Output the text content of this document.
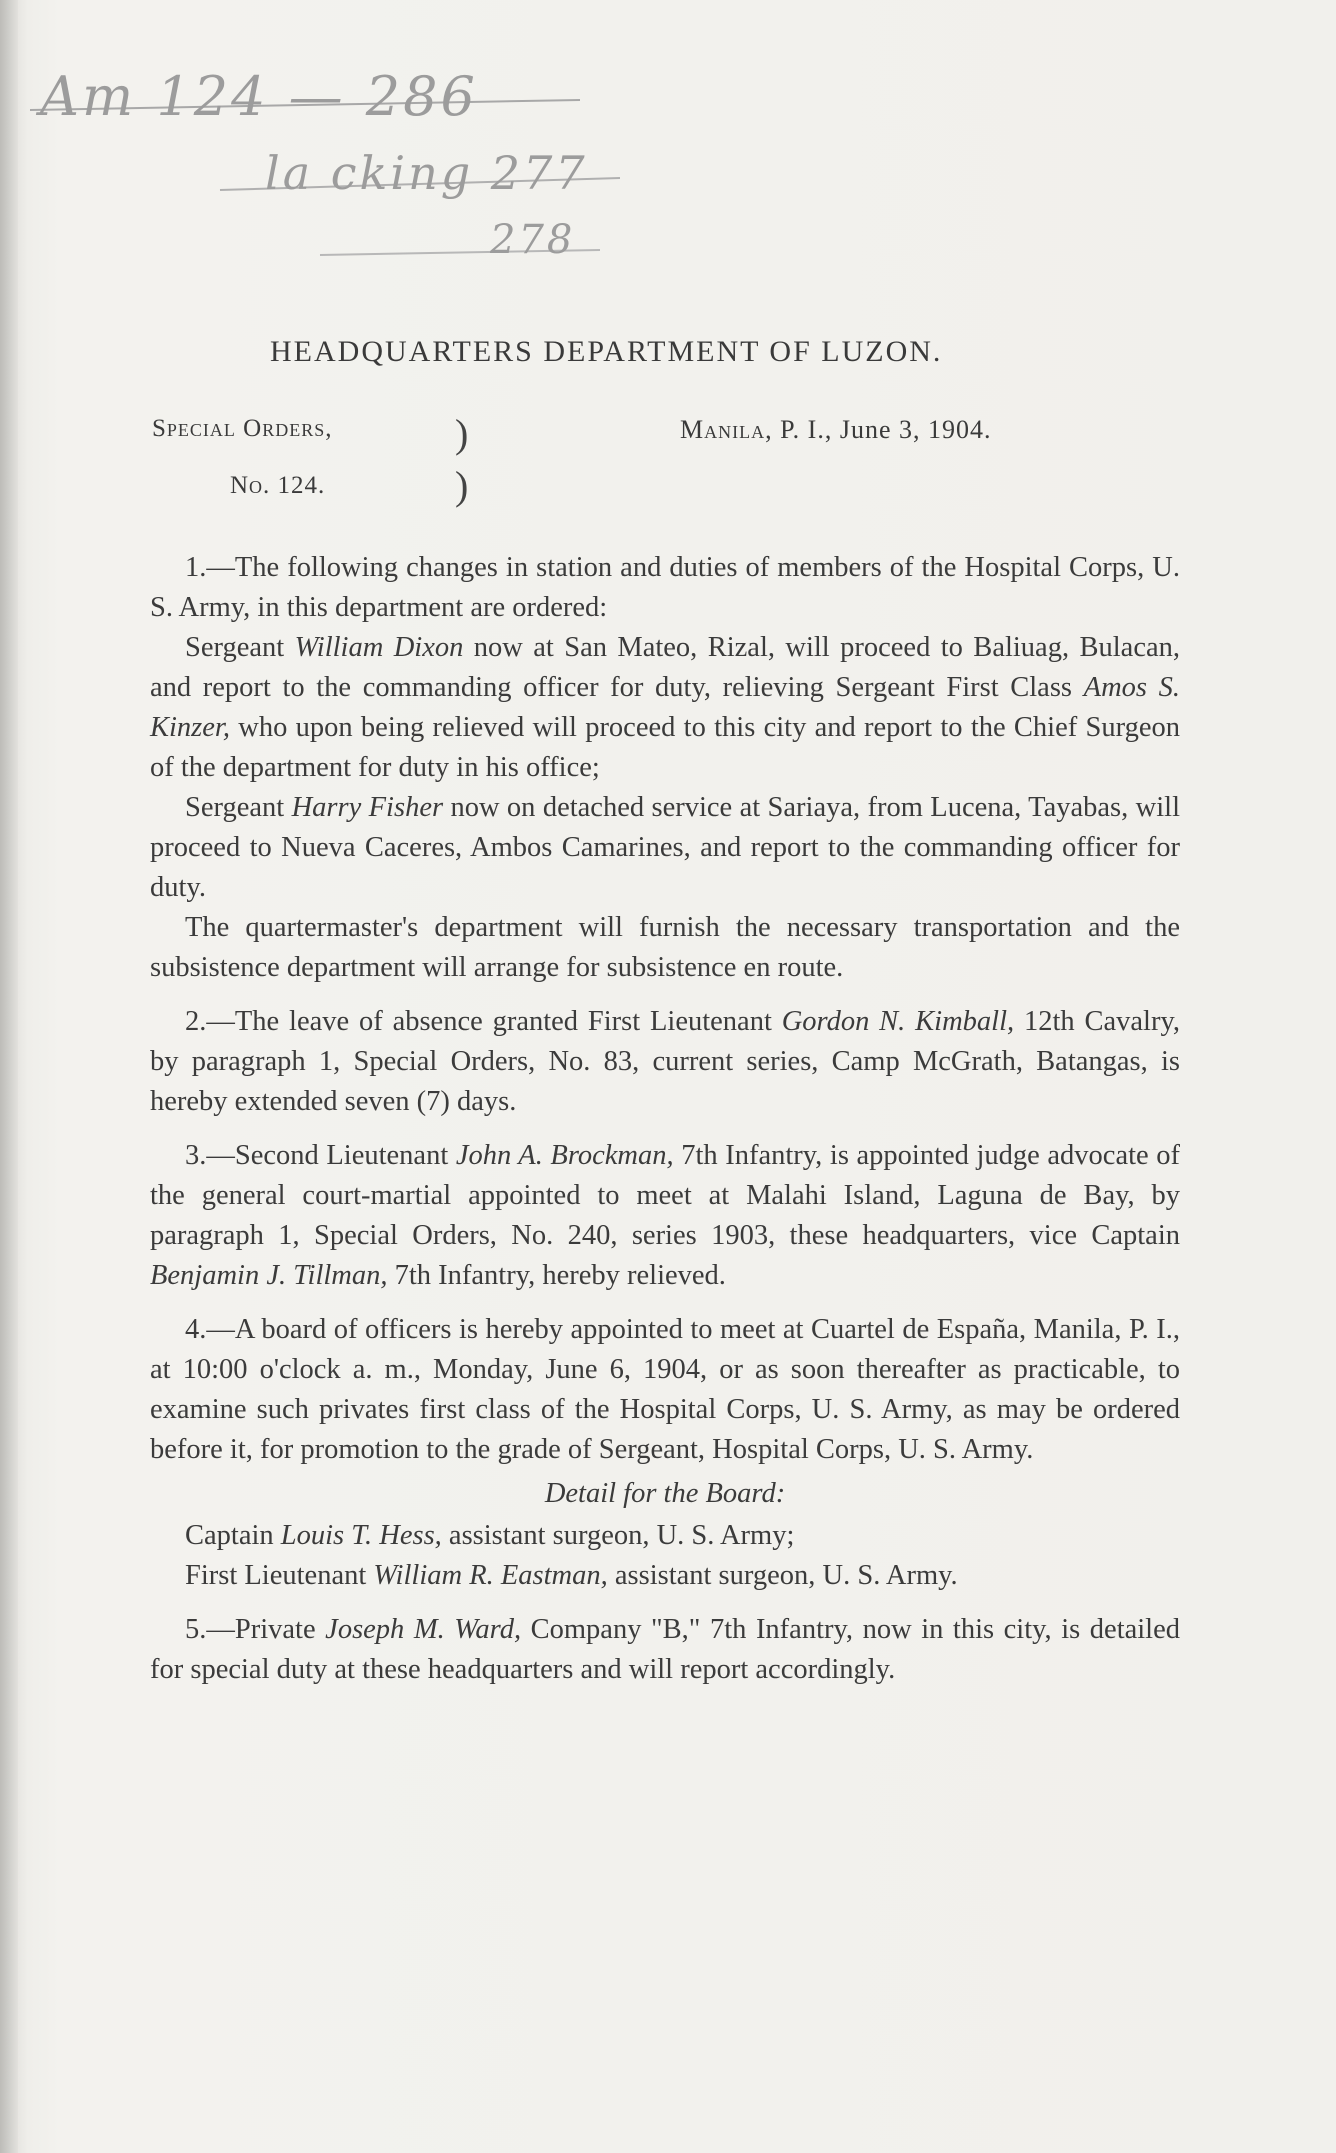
Am 124 — 286
la cking 277
278
HEADQUARTERS DEPARTMENT OF LUZON.
Special Orders,	)
No. 124.	)
Manila, P. I., June 3, 1904.

1.—The following changes in station and duties of members of the Hospital Corps, U. S. Army, in this department are ordered:

Sergeant William Dixon now at San Mateo, Rizal, will proceed to Baliuag, Bulacan, and report to the commanding officer for duty, relieving Sergeant First Class Amos S. Kinzer, who upon being relieved will proceed to this city and report to the Chief Surgeon of the department for duty in his office;

Sergeant Harry Fisher now on detached service at Sariaya, from Lucena, Tayabas, will proceed to Nueva Caceres, Ambos Camarines, and report to the commanding officer for duty.

The quartermaster's department will furnish the necessary transportation and the subsistence department will arrange for subsistence en route.

2.—The leave of absence granted First Lieutenant Gordon N. Kimball, 12th Cavalry, by paragraph 1, Special Orders, No. 83, current series, Camp McGrath, Batangas, is hereby extended seven (7) days.

3.—Second Lieutenant John A. Brockman, 7th Infantry, is appointed judge advocate of the general court-martial appointed to meet at Malahi Island, Laguna de Bay, by paragraph 1, Special Orders, No. 240, series 1903, these headquarters, vice Captain Benjamin J. Tillman, 7th Infantry, hereby relieved.

4.—A board of officers is hereby appointed to meet at Cuartel de España, Manila, P. I., at 10:00 o'clock a. m., Monday, June 6, 1904, or as soon thereafter as practicable, to examine such privates first class of the Hospital Corps, U. S. Army, as may be ordered before it, for promotion to the grade of Sergeant, Hospital Corps, U. S. Army.

Detail for the Board:

Captain Louis T. Hess, assistant surgeon, U. S. Army;

First Lieutenant William R. Eastman, assistant surgeon, U. S. Army.

5.—Private Joseph M. Ward, Company "B," 7th Infantry, now in this city, is detailed for special duty at these headquarters and will report accordingly.
